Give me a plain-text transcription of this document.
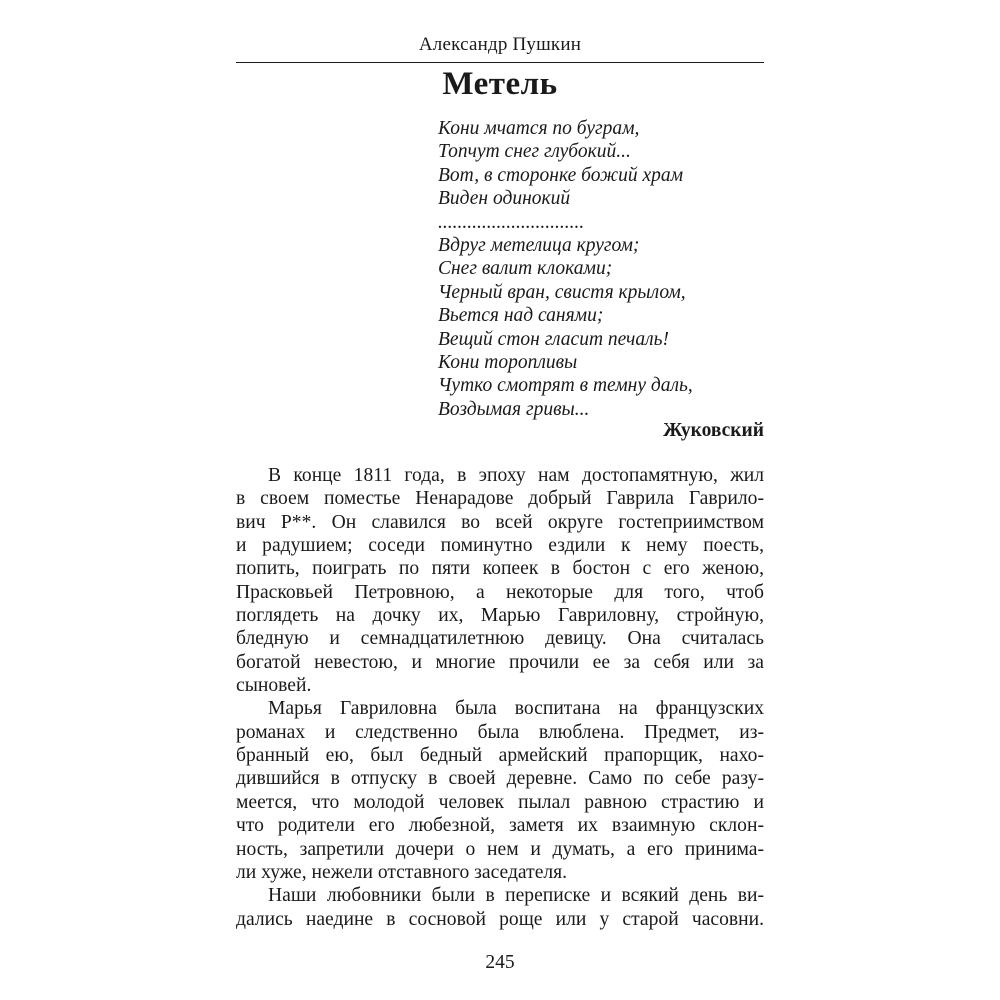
Александр Пушкин
Метель
Кони мчатся по буграм,
Топчут снег глубокий...
Вот, в сторонке божий храм
Виден одинокий
..............................
Вдруг метелица кругом;
Снег валит клоками;
Черный вран, свистя крылом,
Вьется над санями;
Вещий стон гласит печаль!
Кони торопливы
Чутко смотрят в темну даль,
Воздымая гривы...
Жуковский
В конце 1811 года, в эпоху нам достопамятную, жил
в своем поместье Ненарадове добрый Гаврила Гаврило-
вич Р**. Он славился во всей округе гостеприимством
и радушием; соседи поминутно ездили к нему поесть,
попить, поиграть по пяти копеек в бостон с его женою,
Прасковьей Петровною, а некоторые для того, чтоб
поглядеть на дочку их, Марью Гавриловну, стройную,
бледную и семнадцатилетнюю девицу. Она считалась
богатой невестою, и многие прочили ее за себя или за
сыновей.
Марья Гавриловна была воспитана на французских
романах и следственно была влюблена. Предмет, из-
бранный ею, был бедный армейский прапорщик, нахо-
дившийся в отпуску в своей деревне. Само по себе разу-
меется, что молодой человек пылал равною страстию и
что родители его любезной, заметя их взаимную склон-
ность, запретили дочери о нем и думать, а его принима-
ли хуже, нежели отставного заседателя.
Наши любовники были в переписке и всякий день ви-
дались наедине в сосновой роще или у старой часовни.
245
